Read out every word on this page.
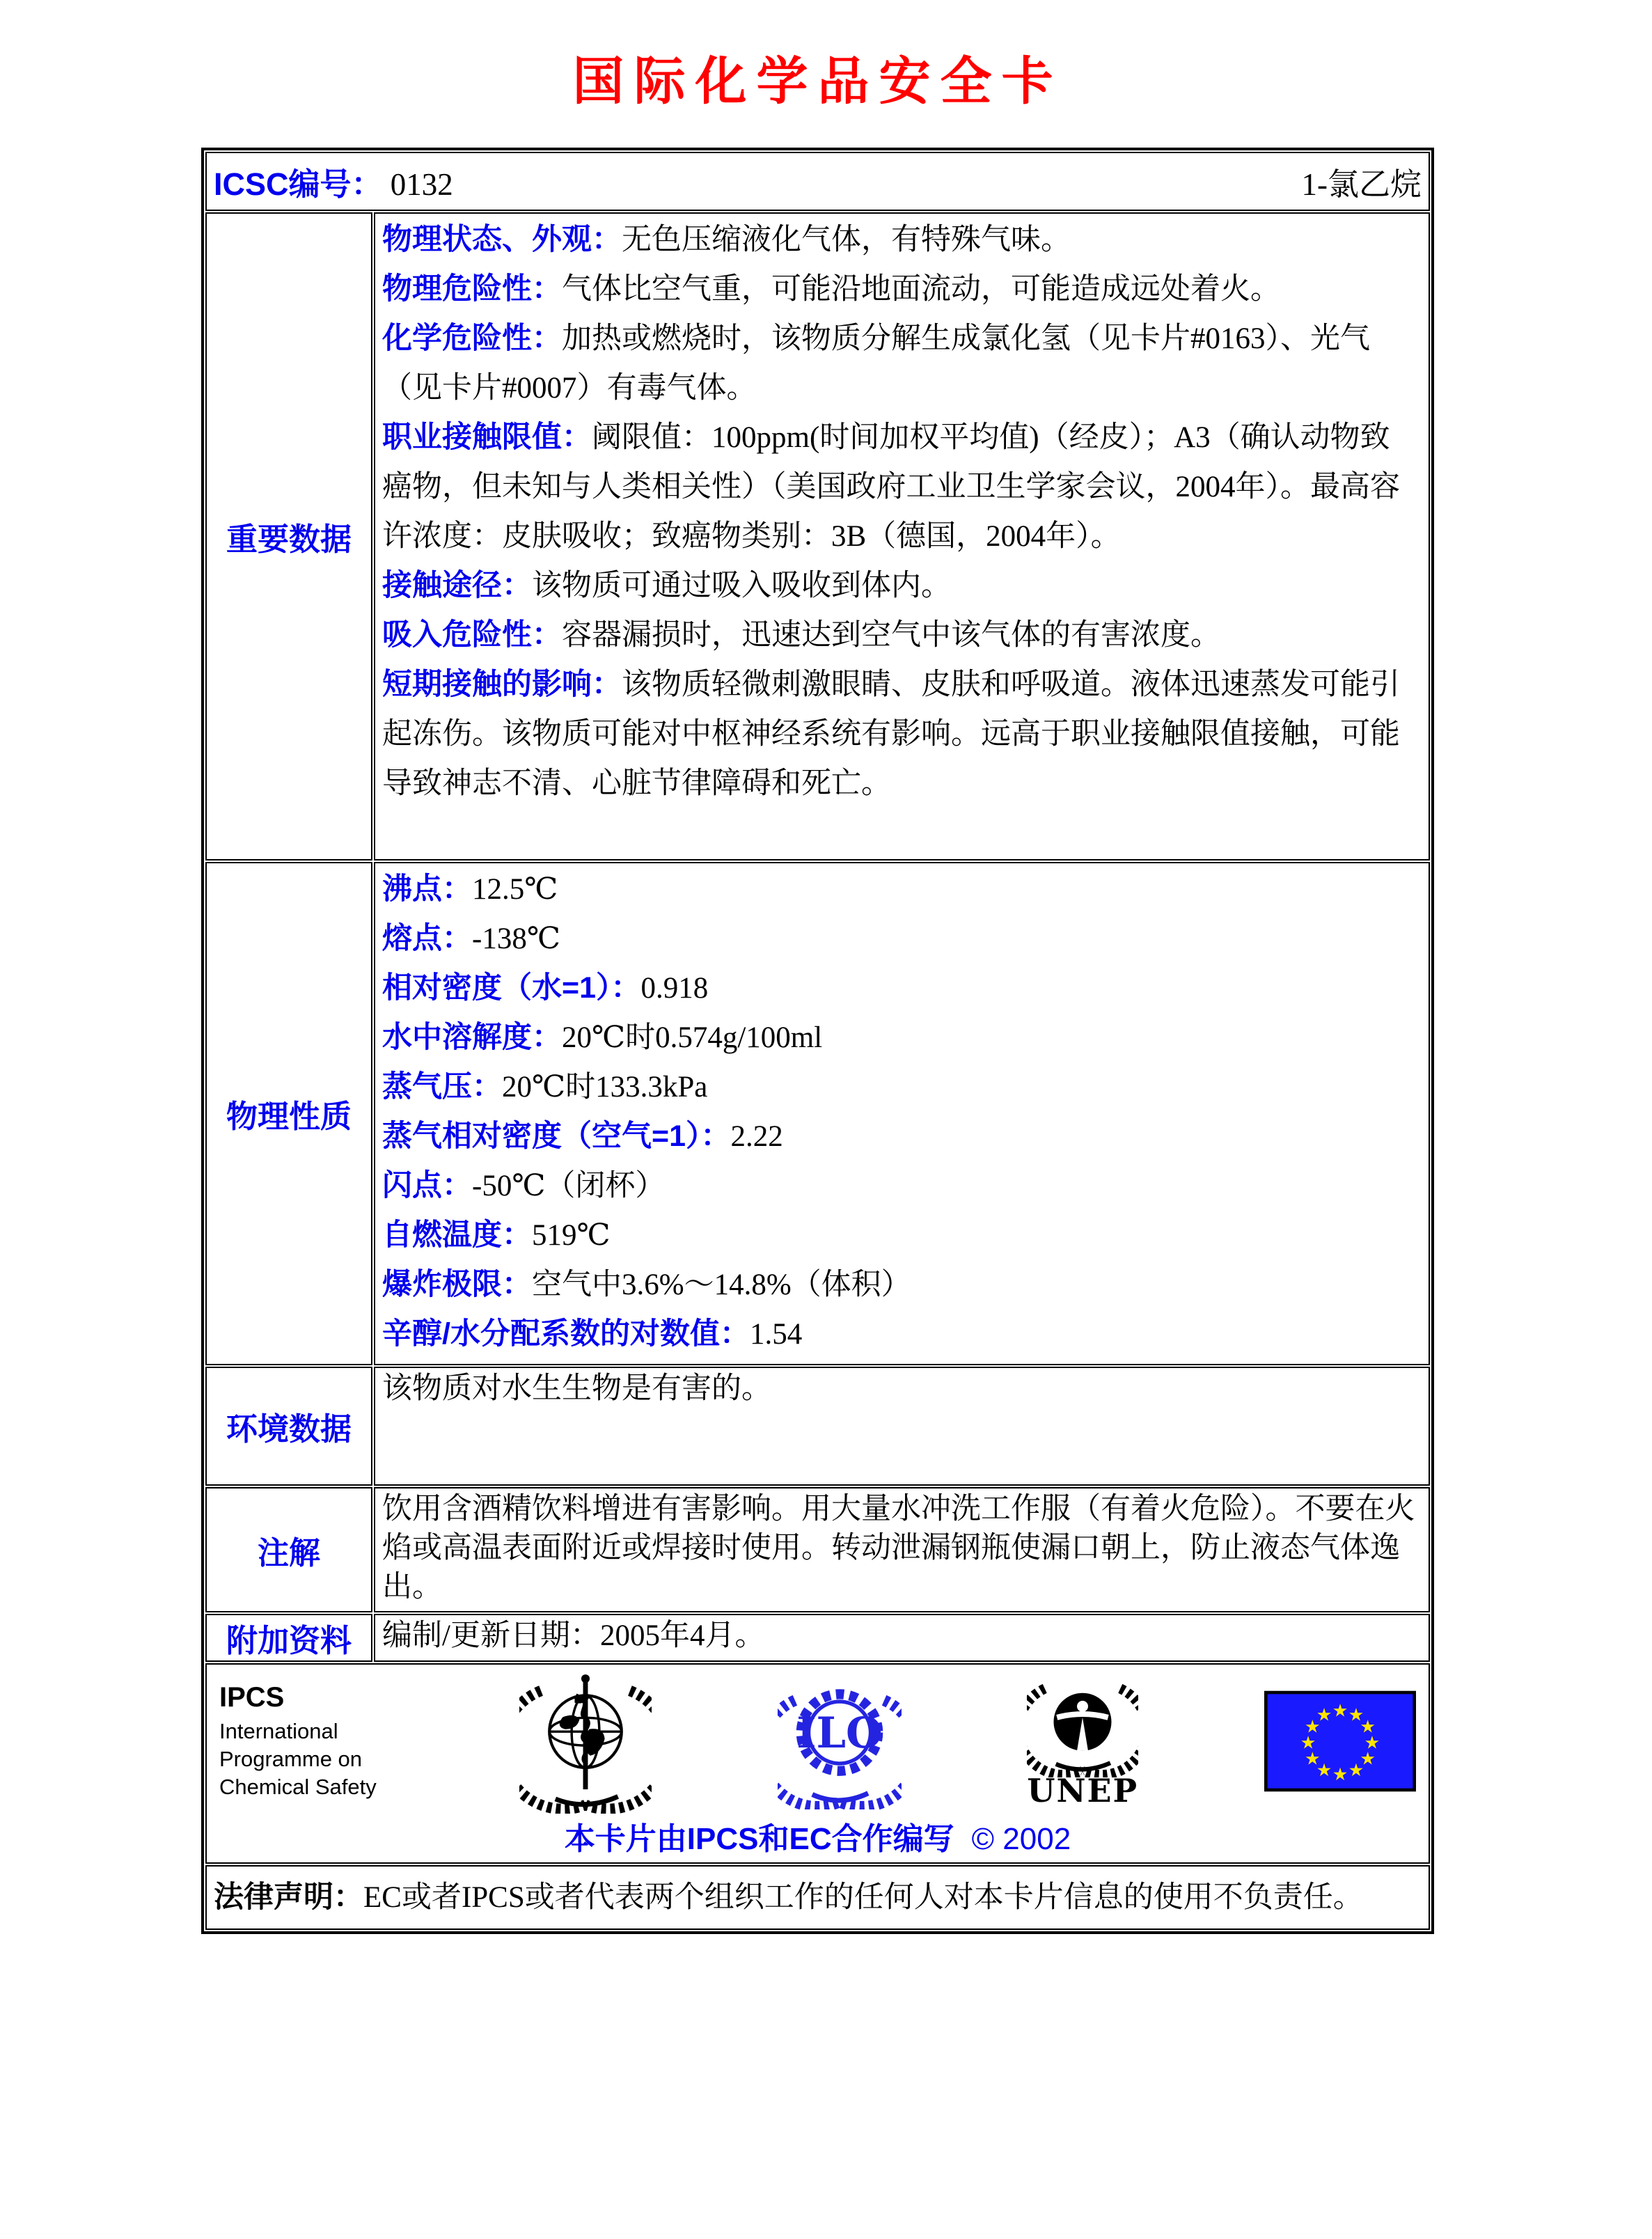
国际化学品安全卡
ICSC编号： 0132	1-氯乙烷
重要数据

物理状态、外观：无色压缩液化气体，有特殊气味。

物理危险性：气体比空气重，可能沿地面流动，可能造成远处着火。

化学危险性：加热或燃烧时，该物质分解生成氯化氢（见卡片#0163）、光气（见卡片#0007）有毒气体。

职业接触限值：阈限值：100ppm(时间加权平均值)（经皮）；A3（确认动物致癌物，但未知与人类相关性）（美国政府工业卫生学家会议，2004年）。最高容许浓度：皮肤吸收；致癌物类别：3B（德国，2004年）。

接触途径：该物质可通过吸入吸收到体内。

吸入危险性：容器漏损时，迅速达到空气中该气体的有害浓度。

短期接触的影响：该物质轻微刺激眼睛、皮肤和呼吸道。液体迅速蒸发可能引起冻伤。该物质可能对中枢神经系统有影响。远高于职业接触限值接触，可能导致神志不清、心脏节律障碍和死亡。

物理性质

沸点：12.5℃

熔点：-138℃

相对密度（水=1）：0.918

水中溶解度：20℃时0.574g/100ml

蒸气压：20℃时133.3kPa

蒸气相对密度（空气=1）：2.22

闪点：-50℃（闭杯）

自燃温度：519℃

爆炸极限：空气中3.6%～14.8%（体积）

辛醇/水分配系数的对数值：1.54

环境数据

该物质对水生生物是有害的。

注解

饮用含酒精饮料增进有害影响。用大量水冲洗工作服（有着火危险）。不要在火焰或高温表面附近或焊接时使用。转动泄漏钢瓶使漏口朝上，防止液态气体逸出。

附加资料	编制/更新日期：2005年4月。

IPCS
International
Programme on
Chemical Safety
ILO
UNEP
★ ★
★
★
★
★
★
★
★
★
★
★
本卡片由IPCS和EC合作编写 © 2002

法律声明：EC或者IPCS或者代表两个组织工作的任何人对本卡片信息的使用不负责任。
